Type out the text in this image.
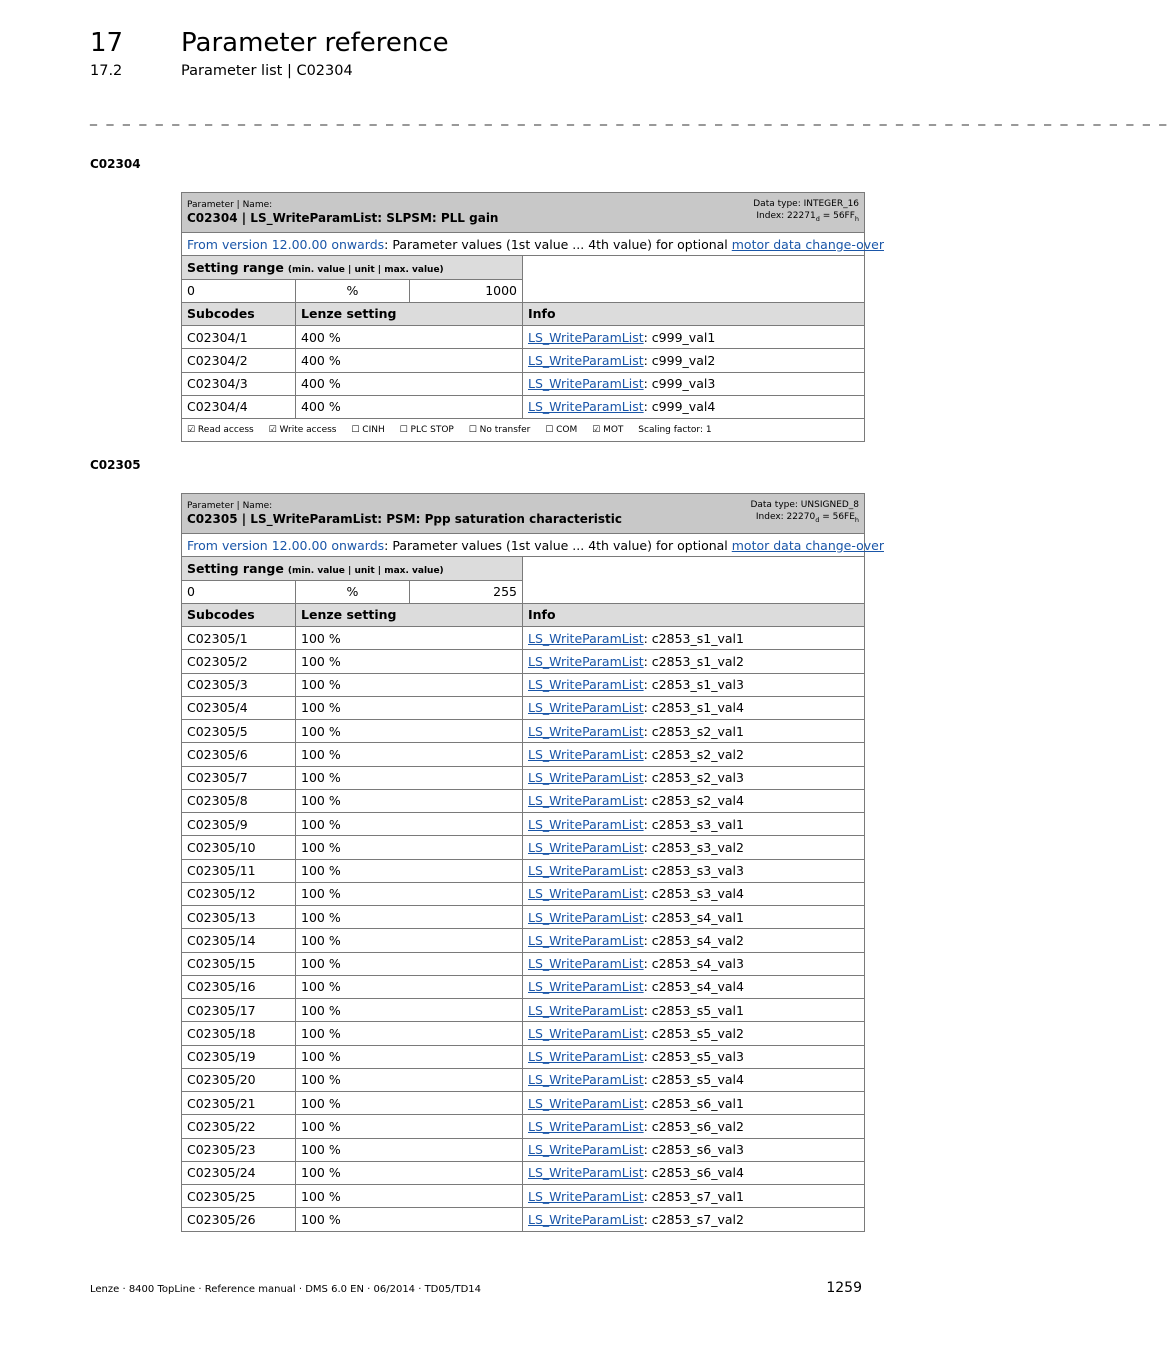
17 Parameter reference
17.2	Parameter list | C02304
_ _ _ _ _ _ _ _ _ _ _ _ _ _ _ _ _ _ _ _ _ _ _ _ _ _ _ _ _ _ _ _ _ _ _ _ _ _ _ _ _ _ _ _ _ _ _ _ _ _ _ _ _ _ _ _ _ _ _ _ _ _ _ _ _ _
C02304
Parameter | Name:
C02304 | LS_WriteParamList: SLPSM: PLL gain
Data type: INTEGER_16
Index: $22271_d = 56FF_h$

From version 12.00.00 onwards: Parameter values (1st value ... 4th value) for optional motor data change-over			
Setting range (min. value | unit | max. value)			
0	%	1000	
Subcodes	Lenze setting		Info
C02304/1	400 %		LS_WriteParamList: c999_val1
C02304/2	400 %		LS_WriteParamList: c999_val2
C02304/3	400 %		LS_WriteParamList: c999_val3
C02304/4	400 %		LS_WriteParamList: c999_val4
☑ Read access ☑ Write access ☐ CINH ☐ PLC STOP ☐ No transfer ☐ COM ☑ MOT Scaling factor: 1			
C02305
Parameter | Name:
C02305 | LS_WriteParamList: PSM: Ppp saturation characteristic
Data type: UNSIGNED_8
Index: $22270_d = 56FE_h$

From version 12.00.00 onwards: Parameter values (1st value ... 4th value) for optional motor data change-over			
Setting range (min. value | unit | max. value)			
0	%	255	
Subcodes	Lenze setting		Info
C02305/1	100 %		LS_WriteParamList: c2853_s1_val1
C02305/2	100 %		LS_WriteParamList: c2853_s1_val2
C02305/3	100 %		LS_WriteParamList: c2853_s1_val3
C02305/4	100 %		LS_WriteParamList: c2853_s1_val4
C02305/5	100 %		LS_WriteParamList: c2853_s2_val1
C02305/6	100 %		LS_WriteParamList: c2853_s2_val2
C02305/7	100 %		LS_WriteParamList: c2853_s2_val3
C02305/8	100 %		LS_WriteParamList: c2853_s2_val4
C02305/9	100 %		LS_WriteParamList: c2853_s3_val1
C02305/10	100 %		LS_WriteParamList: c2853_s3_val2
C02305/11	100 %		LS_WriteParamList: c2853_s3_val3
C02305/12	100 %		LS_WriteParamList: c2853_s3_val4
C02305/13	100 %		LS_WriteParamList: c2853_s4_val1
C02305/14	100 %		LS_WriteParamList: c2853_s4_val2
C02305/15	100 %		LS_WriteParamList: c2853_s4_val3
C02305/16	100 %		LS_WriteParamList: c2853_s4_val4
C02305/17	100 %		LS_WriteParamList: c2853_s5_val1
C02305/18	100 %		LS_WriteParamList: c2853_s5_val2
C02305/19	100 %		LS_WriteParamList: c2853_s5_val3
C02305/20	100 %		LS_WriteParamList: c2853_s5_val4
C02305/21	100 %		LS_WriteParamList: c2853_s6_val1
C02305/22	100 %		LS_WriteParamList: c2853_s6_val2
C02305/23	100 %		LS_WriteParamList: c2853_s6_val3
C02305/24	100 %		LS_WriteParamList: c2853_s6_val4
C02305/25	100 %		LS_WriteParamList: c2853_s7_val1
C02305/26	100 %		LS_WriteParamList: c2853_s7_val2
Lenze · 8400 TopLine · Reference manual · DMS 6.0 EN · 06/2014 · TD05/TD14	1259
